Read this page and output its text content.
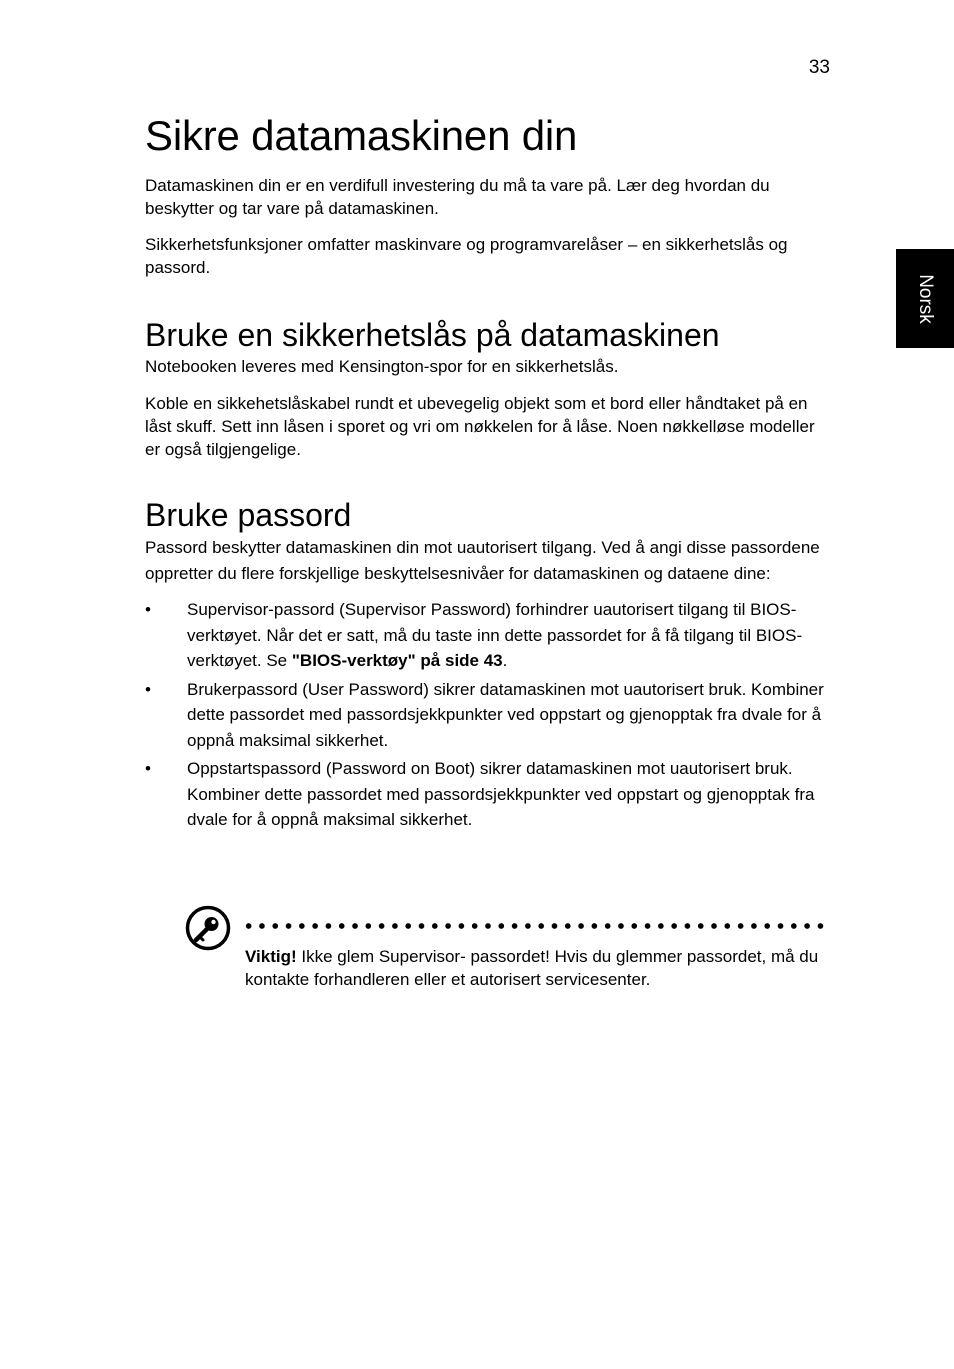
33
Norsk
Sikre datamaskinen din

Datamaskinen din er en verdifull investering du må ta vare på. Lær deg hvordan du beskytter og tar vare på datamaskinen.

Sikkerhetsfunksjoner omfatter maskinvare og programvarelåser – en sikkerhetslås og passord.

Bruke en sikkerhetslås på datamaskinen

Notebooken leveres med Kensington-spor for en sikkerhetslås.

Koble en sikkehetslåskabel rundt et ubevegelig objekt som et bord eller håndtaket på en låst skuff. Sett inn låsen i sporet og vri om nøkkelen for å låse. Noen nøkkelløse modeller er også tilgjengelige.

Bruke passord

Passord beskytter datamaskinen din mot uautorisert tilgang. Ved å angi disse passordene oppretter du flere forskjellige beskyttelsesnivåer for datamaskinen og dataene dine:

• Supervisor-passord (Supervisor Password) forhindrer uautorisert tilgang til BIOS-verktøyet. Når det er satt, må du taste inn dette passordet for å få tilgang til BIOS-verktøyet. Se "BIOS-verktøy" på side 43.
• Brukerpassord (User Password) sikrer datamaskinen mot uautorisert bruk. Kombiner dette passordet med passordsjekkpunkter ved oppstart og gjenopptak fra dvale for å oppnå maksimal sikkerhet.
• Oppstartspassord (Password on Boot) sikrer datamaskinen mot uautorisert bruk. Kombiner dette passordet med passordsjekkpunkter ved oppstart og gjenopptak fra dvale for å oppnå maksimal sikkerhet.
Viktig! Ikke glem Supervisor- passordet! Hvis du glemmer passordet, må du kontakte forhandleren eller et autorisert servicesenter.
